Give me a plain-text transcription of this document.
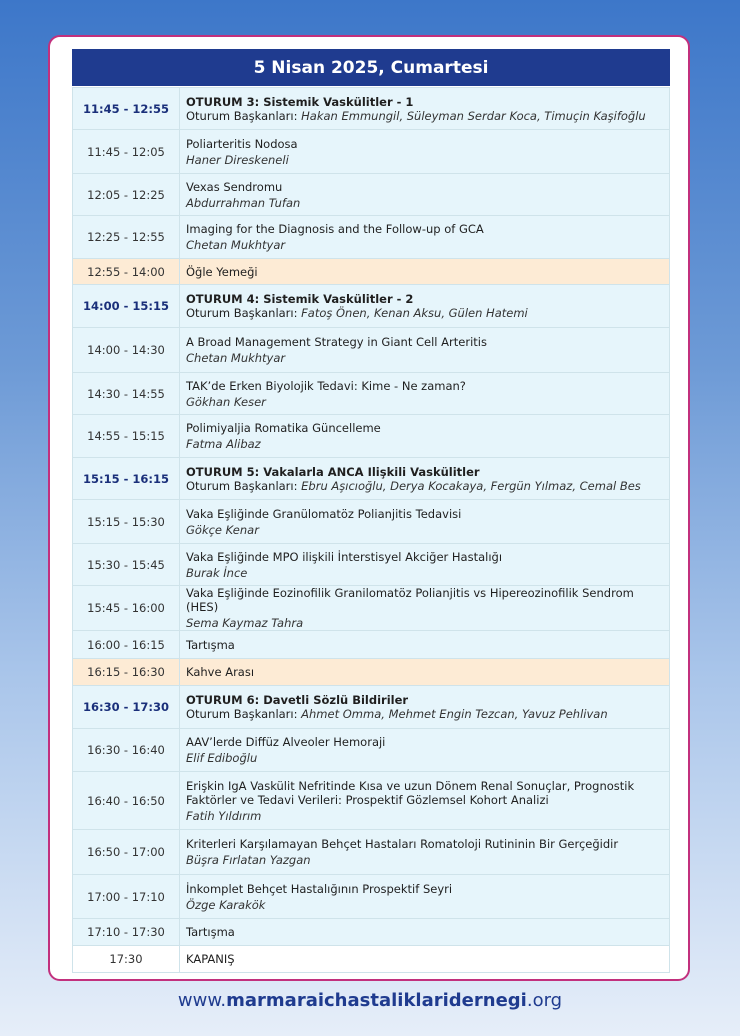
5 Nisan 2025, Cumartesi
11:45 - 12:55	OTURUM 3: Sistemik Vaskülitler - 1
Oturum Başkanları: Hakan Emmungil, Süleyman Serdar Koca, Timuçin Kaşifoğlu

11:45 - 12:05	Poliarteritis Nodosa
Haner Direskeneli

12:05 - 12:25	Vexas Sendromu
Abdurrahman Tufan

12:25 - 12:55	Imaging for the Diagnosis and the Follow-up of GCA
Chetan Mukhtyar

12:55 - 14:00	Öğle Yemeği

14:00 - 15:15	OTURUM 4: Sistemik Vaskülitler - 2
Oturum Başkanları: Fatoş Önen, Kenan Aksu, Gülen Hatemi

14:00 - 14:30	A Broad Management Strategy in Giant Cell Arteritis
Chetan Mukhtyar

14:30 - 14:55	TAK’de Erken Biyolojik Tedavi: Kime - Ne zaman?
Gökhan Keser

14:55 - 15:15	Polimiyaljia Romatika Güncelleme
Fatma Alibaz

15:15 - 16:15	OTURUM 5: Vakalarla ANCA Ilişkili Vaskülitler
Oturum Başkanları: Ebru Aşıcıoğlu, Derya Kocakaya, Fergün Yılmaz, Cemal Bes

15:15 - 15:30	Vaka Eşliğinde Granülomatöz Polianjitis Tedavisi
Gökçe Kenar

15:30 - 15:45	Vaka Eşliğinde MPO ilişkili İnterstisyel Akciğer Hastalığı
Burak İnce

15:45 - 16:00	Vaka Eşliğinde Eozinofilik Granilomatöz Polianjitis vs Hipereozinofilik Sendrom (HES)
Sema Kaymaz Tahra

16:00 - 16:15	Tartışma

16:15 - 16:30	Kahve Arası

16:30 - 17:30	OTURUM 6: Davetli Sözlü Bildiriler
Oturum Başkanları: Ahmet Omma, Mehmet Engin Tezcan, Yavuz Pehlivan

16:30 - 16:40	AAV’lerde Diffüz Alveoler Hemoraji
Elif Ediboğlu

16:40 - 16:50	Erişkin IgA Vaskülit Nefritinde Kısa ve uzun Dönem Renal Sonuçlar, Prognostik Faktörler ve Tedavi Verileri: Prospektif Gözlemsel Kohort Analizi
Fatih Yıldırım

16:50 - 17:00	Kriterleri Karşılamayan Behçet Hastaları Romatoloji Rutininin Bir Gerçeğidir
Büşra Fırlatan Yazgan

17:00 - 17:10	İnkomplet Behçet Hastalığının Prospektif Seyri
Özge Karakök

17:10 - 17:30	Tartışma

17:30	KAPANIŞ
www.marmaraichastaliklaridernegi.org
